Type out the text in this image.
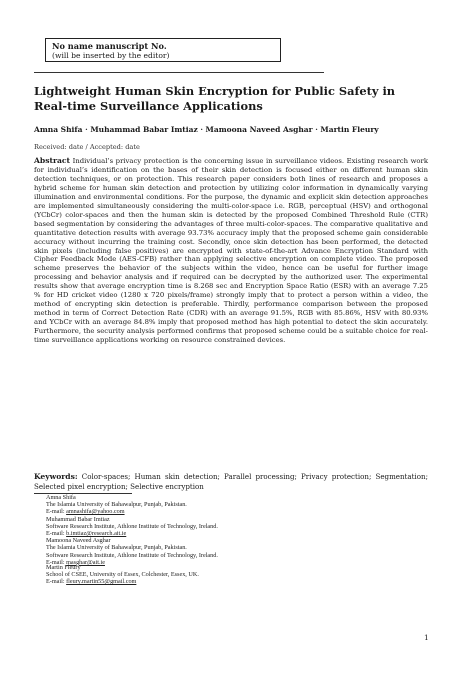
No name manuscript No.
(will be inserted by the editor)
Lightweight Human Skin Encryption for Public Safety in
Real-time Surveillance Applications
Amna Shifa · Muhammad Babar Imtiaz · Mamoona Naveed Asghar · Martin Fleury
Received: date / Accepted: date

Abstract Individual’s privacy protection is the concerning issue in surveillance videos. Existing research work for individual’s identification on the bases of their skin detection is focused either on different human skin detection techniques, or on protection. This research paper considers both lines of research and proposes a hybrid scheme for human skin detection and protection by utilizing color information in dynamically varying illumination and environmental conditions. For the purpose, the dynamic and explicit skin detection approaches are implemented simultaneously considering the multi-color-space i.e. RGB, perceptual (HSV) and orthogonal (YCbCr) color-spaces and then the human skin is detected by the proposed Combined Threshold Rule (CTR) based segmentation by considering the advantages of three multi-color-spaces. The comparative qualitative and quantitative detection results with average 93.73% accuracy imply that the proposed scheme gain considerable accuracy without incurring the training cost. Secondly, once skin detection has been performed, the detected skin pixels (including false positives) are encrypted with state-of-the-art Advance Encryption Standard with Cipher Feedback Mode (AES-CFB) rather than applying selective encryption on complete video. The proposed scheme preserves the behavior of the subjects within the video, hence can be useful for further image processing and behavior analysis and if required can be decrypted by the authorized user. The experimental results show that average encryption time is 8.268 sec and Encryption Space Ratio (ESR) with an average 7.25 % for HD cricket video (1280 x 720 pixels/frame) strongly imply that to protect a person within a video, the method of encrypting skin detection is preferable. Thirdly, performance comparison between the proposed method in term of Correct Detection Rate (CDR) with an average 91.5%, RGB with 85.86%, HSV with 80.93% and YCbCr with an average 84.8% imply that proposed method has high potential to detect the skin accurately. Furthermore, the security analysis performed confirms that proposed scheme could be a suitable choice for real-time surveillance applications working on resource constrained devices.

Keywords: Color-spaces; Human skin detection; Parallel processing; Privacy protection; Segmentation; Selected pixel encryption; Selective encryption

Amna Shifa
The Islamia University of Bahawalpur, Punjab, Pakistan.
E-mail: amnashifa@yahoo.com
Muhammad Babar Imtiaz
Software Research Institute, Athlone Institute of Technology, Ireland.
E-mail: b.imtiaz@research.ait.ie
Mamoona Naveed Asghar
The Islamia University of Bahawalpur, Punjab, Pakistan.
Software Research Institute, Athlone Institute of Technology, Ireland.
E-mail: masghar@ait.ie
Martin Fleury
School of CSEE, University of Essex, Colchester, Essex, UK.
E-mail: fleury.martin55@gmail.com
1
